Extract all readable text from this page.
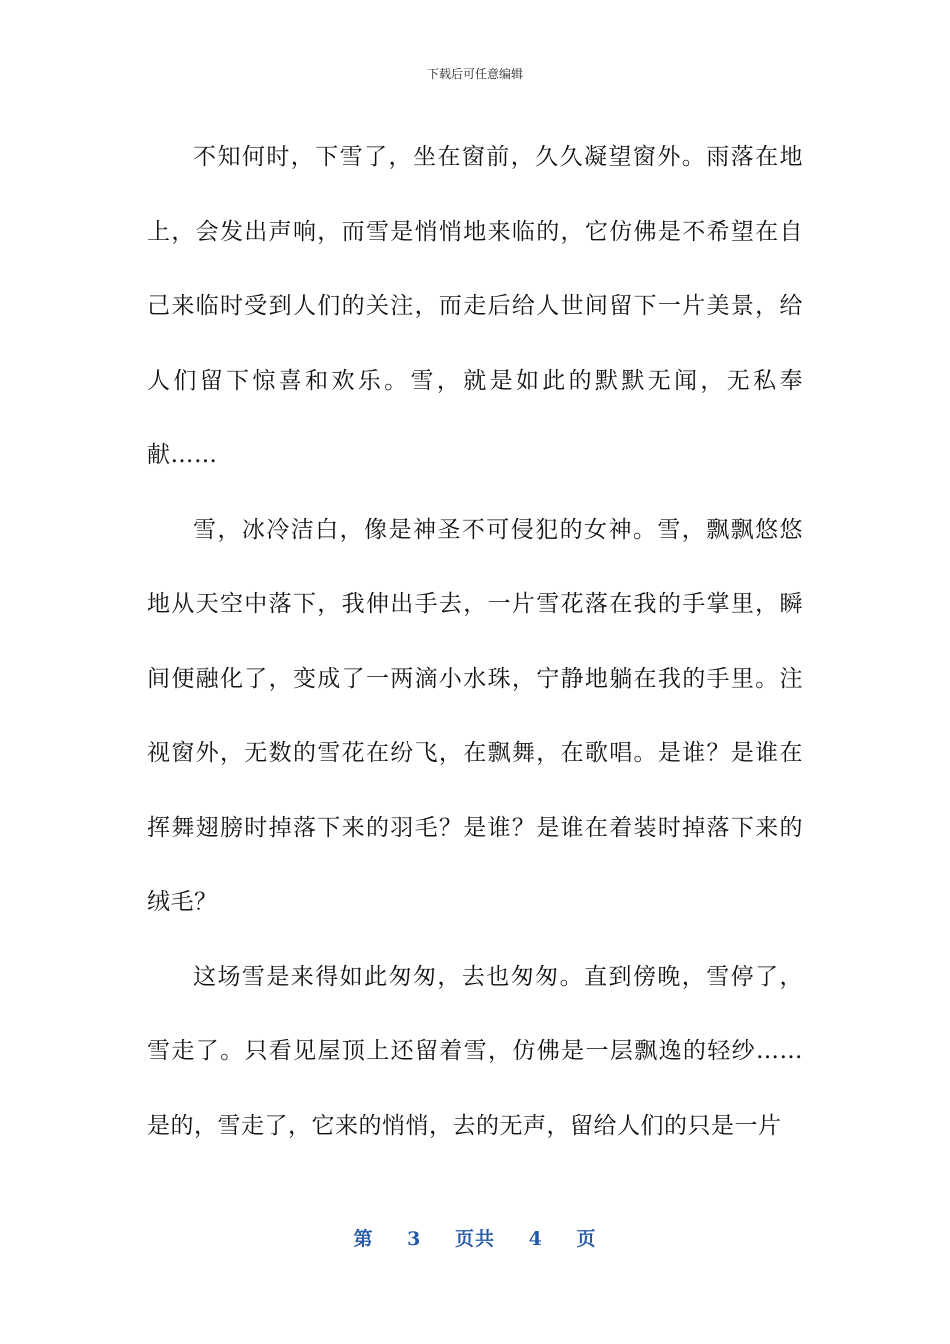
下载后可任意编辑

不知何时，下雪了，坐在窗前，久久凝望窗外。雨落在地上，会发出声响，而雪是悄悄地来临的，它仿佛是不希望在自己来临时受到人们的关注，而走后给人世间留下一片美景，给人们留下惊喜和欢乐。雪，就是如此的默默无闻，无私奉献……

雪，冰冷洁白，像是神圣不可侵犯的女神。雪，飘飘悠悠地从天空中落下，我伸出手去，一片雪花落在我的手掌里，瞬间便融化了，变成了一两滴小水珠，宁静地躺在我的手里。注视窗外，无数的雪花在纷飞，在飘舞，在歌唱。是谁？是谁在挥舞翅膀时掉落下来的羽毛？是谁？是谁在着装时掉落下来的绒毛？

这场雪是来得如此匆匆，去也匆匆。直到傍晚，雪停了，雪走了。只看见屋顶上还留着雪，仿佛是一层飘逸的轻纱……是的，雪走了，它来的悄悄，去的无声，留给人们的只是一片

第 3 页共 4 页
